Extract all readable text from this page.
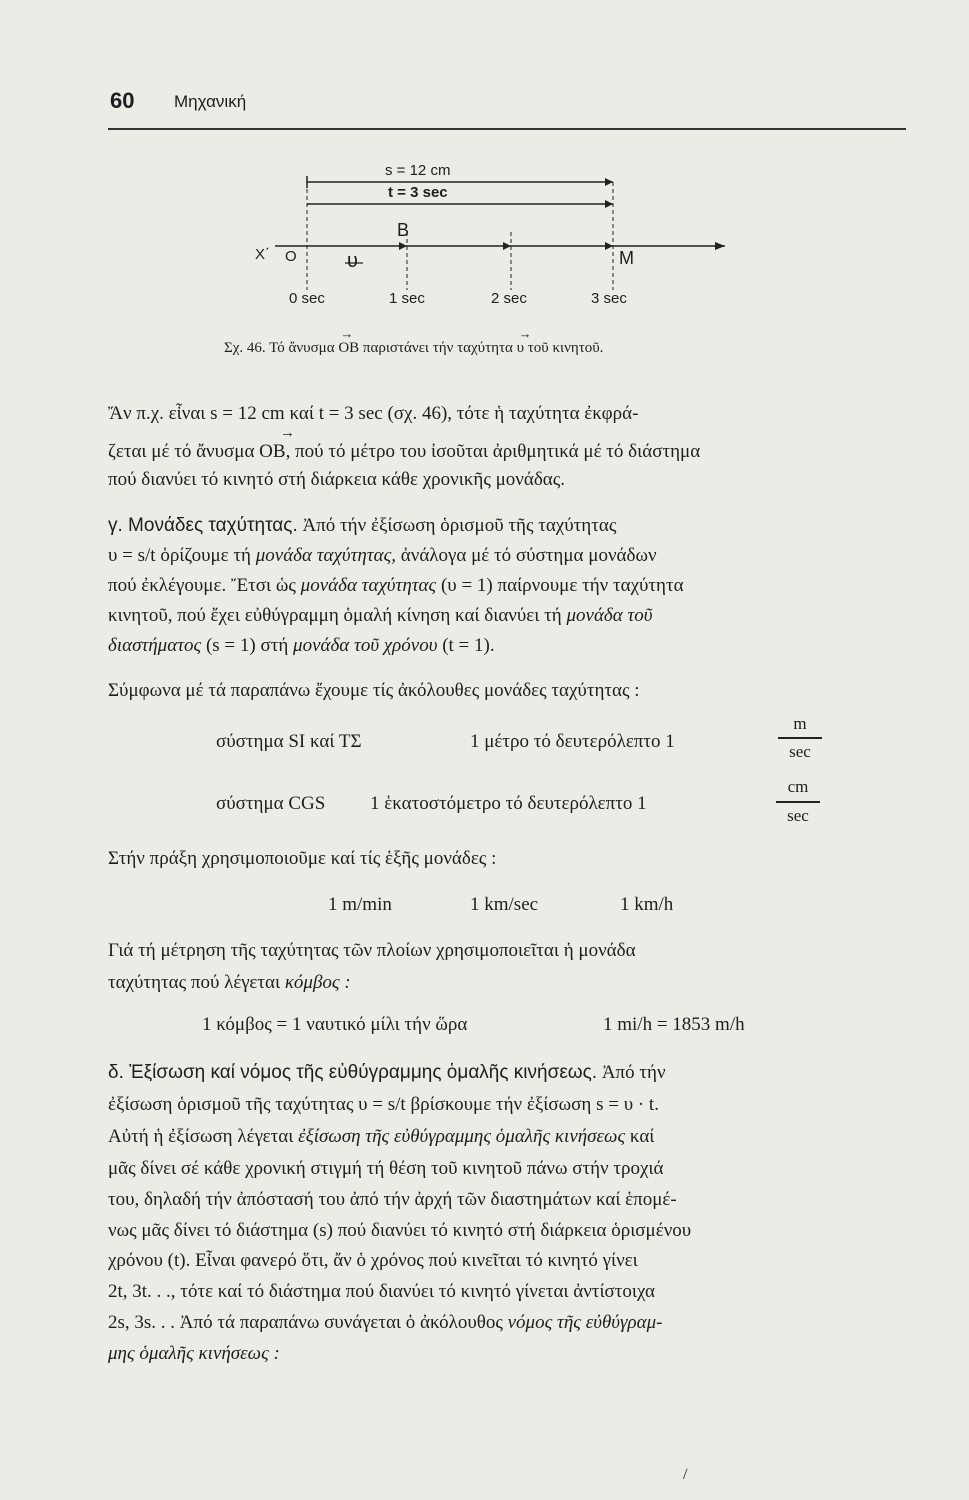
60 Μηχανική
s = 12 cm
t = 3 sec
X΄ O
B
υ	M
0 sec	1 sec	2 sec	3 sec
Σχ. 46. Τό ἄνυσμα → OB παριστάνει τήν ταχύτητα → υ τοῦ κινητοῦ.
Ἄν π.χ. εἶναι s = 12 cm καί t = 3 sec (σχ. 46), τότε ἡ ταχύτητα ἐκφρά-
ζεται μέ τό ἄνυσμα ΟΒ, πού τό μέτρο του ἰσοῦται ἀριθμητικά μέ τό διάστημα
→
πού διανύει τό κινητό στή διάρκεια κάθε χρονικῆς μονάδας.
γ. Μονάδες ταχύτητας. Ἀπό τήν ἐξίσωση ὁρισμοῦ τῆς ταχύτητας
υ = s/t ὁρίζουμε τή μονάδα ταχύτητας, ἀνάλογα μέ τό σύστημα μονάδων
πού ἐκλέγουμε. Ἔτσι ὡς μονάδα ταχύτητας (υ = 1) παίρνουμε τήν ταχύτητα
κινητοῦ, πού ἔχει εὐθύγραμμη ὁμαλή κίνηση καί διανύει τή μονάδα τοῦ
διαστήματος (s = 1) στή μονάδα τοῦ χρόνου (t = 1).
Σύμφωνα μέ τά παραπάνω ἔχουμε τίς ἀκόλουθες μονάδες ταχύτητας :
σύστημα SI καί ΤΣ	1 μέτρο τό δευτερόλεπτο 1
m
sec
σύστημα CGS 1 ἑκατοστόμετρο τό δευτερόλεπτο 1
cm
sec
Στήν πράξη χρησιμοποιοῦμε καί τίς ἑξῆς μονάδες :
1 m/min	1 km/sec	1 km/h
Γιά τή μέτρηση τῆς ταχύτητας τῶν πλοίων χρησιμοποιεῖται ἡ μονάδα
ταχύτητας πού λέγεται κόμβος :
1 κόμβος = 1 ναυτικό μίλι τήν ὥρα	1 mi/h = 1853 m/h
δ. Ἐξίσωση καί νόμος τῆς εὐθύγραμμης ὁμαλῆς κινήσεως. Ἀπό τήν
ἐξίσωση ὁρισμοῦ τῆς ταχύτητας υ = s/t βρίσκουμε τήν ἐξίσωση s = υ · t.
Αὐτή ἡ ἐξίσωση λέγεται ἐξίσωση τῆς εὐθύγραμμης ὁμαλῆς κινήσεως καί
μᾶς δίνει σέ κάθε χρονική στιγμή τή θέση τοῦ κινητοῦ πάνω στήν τροχιά
του, δηλαδή τήν ἀπόστασή του ἀπό τήν ἀρχή τῶν διαστημάτων καί ἑπομέ-
νως μᾶς δίνει τό διάστημα (s) πού διανύει τό κινητό στή διάρκεια ὁρισμένου
χρόνου (t). Εἶναι φανερό ὅτι, ἄν ὁ χρόνος πού κινεῖται τό κινητό γίνει
2t, 3t. . ., τότε καί τό διάστημα πού διανύει τό κινητό γίνεται ἀντίστοιχα
2s, 3s. . . Ἀπό τά παραπάνω συνάγεται ὁ ἀκόλουθος νόμος τῆς εὐθύγραμ-
μης ὁμαλῆς κινήσεως :
/
